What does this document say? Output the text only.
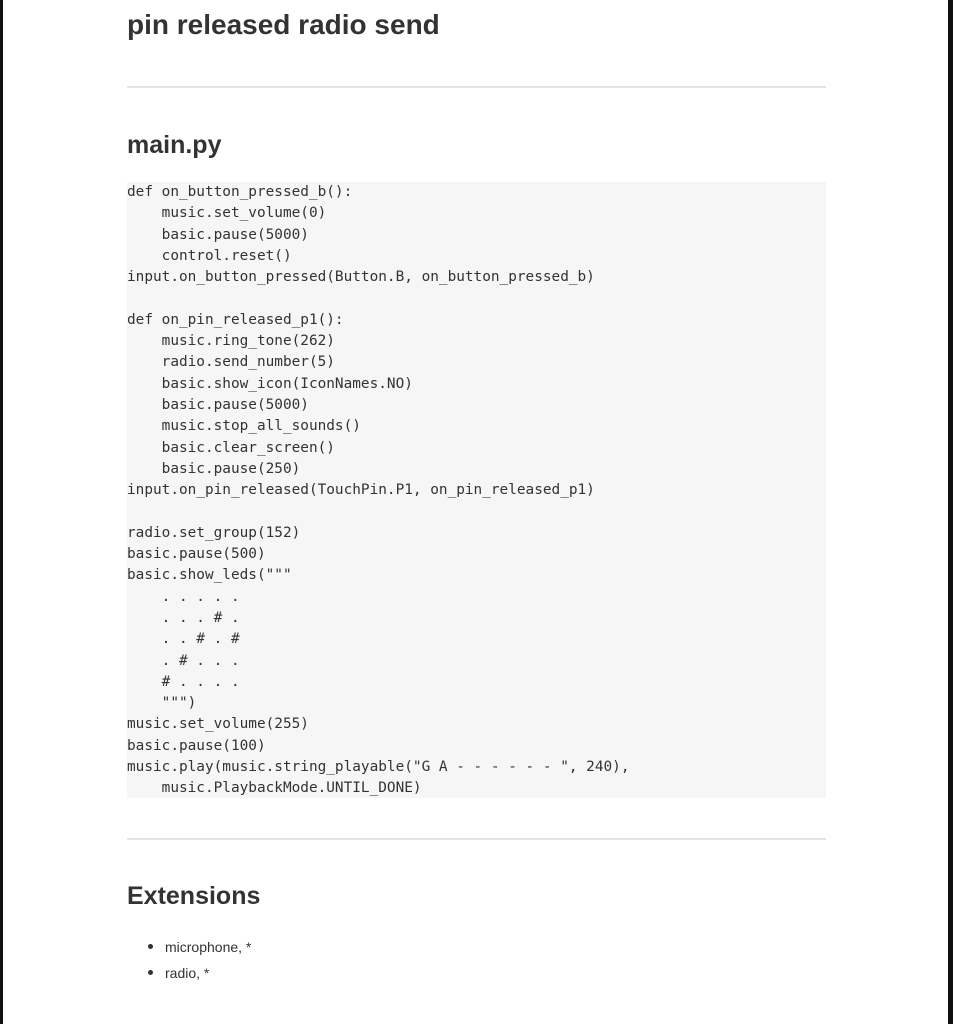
pin released radio send
main.py
def on_button_pressed_b():
music.set_volume(0)
basic.pause(5000)
control.reset()
input.on_button_pressed(Button.B, on_button_pressed_b)

def on_pin_released_p1():
music.ring_tone(262)
radio.send_number(5)
basic.show_icon(IconNames.NO)
basic.pause(5000)
music.stop_all_sounds()
basic.clear_screen()
basic.pause(250)
input.on_pin_released(TouchPin.P1, on_pin_released_p1)

radio.set_group(152)
basic.pause(500)
basic.show_leds("""
. . . . .
. . . # .
. . # . #
. # . . .
# . . . .
""")
music.set_volume(255)
basic.pause(100)
music.play(music.string_playable("G A - - - - - - ", 240),
music.PlaybackMode.UNTIL_DONE)
Extensions
microphone, *
radio, *
